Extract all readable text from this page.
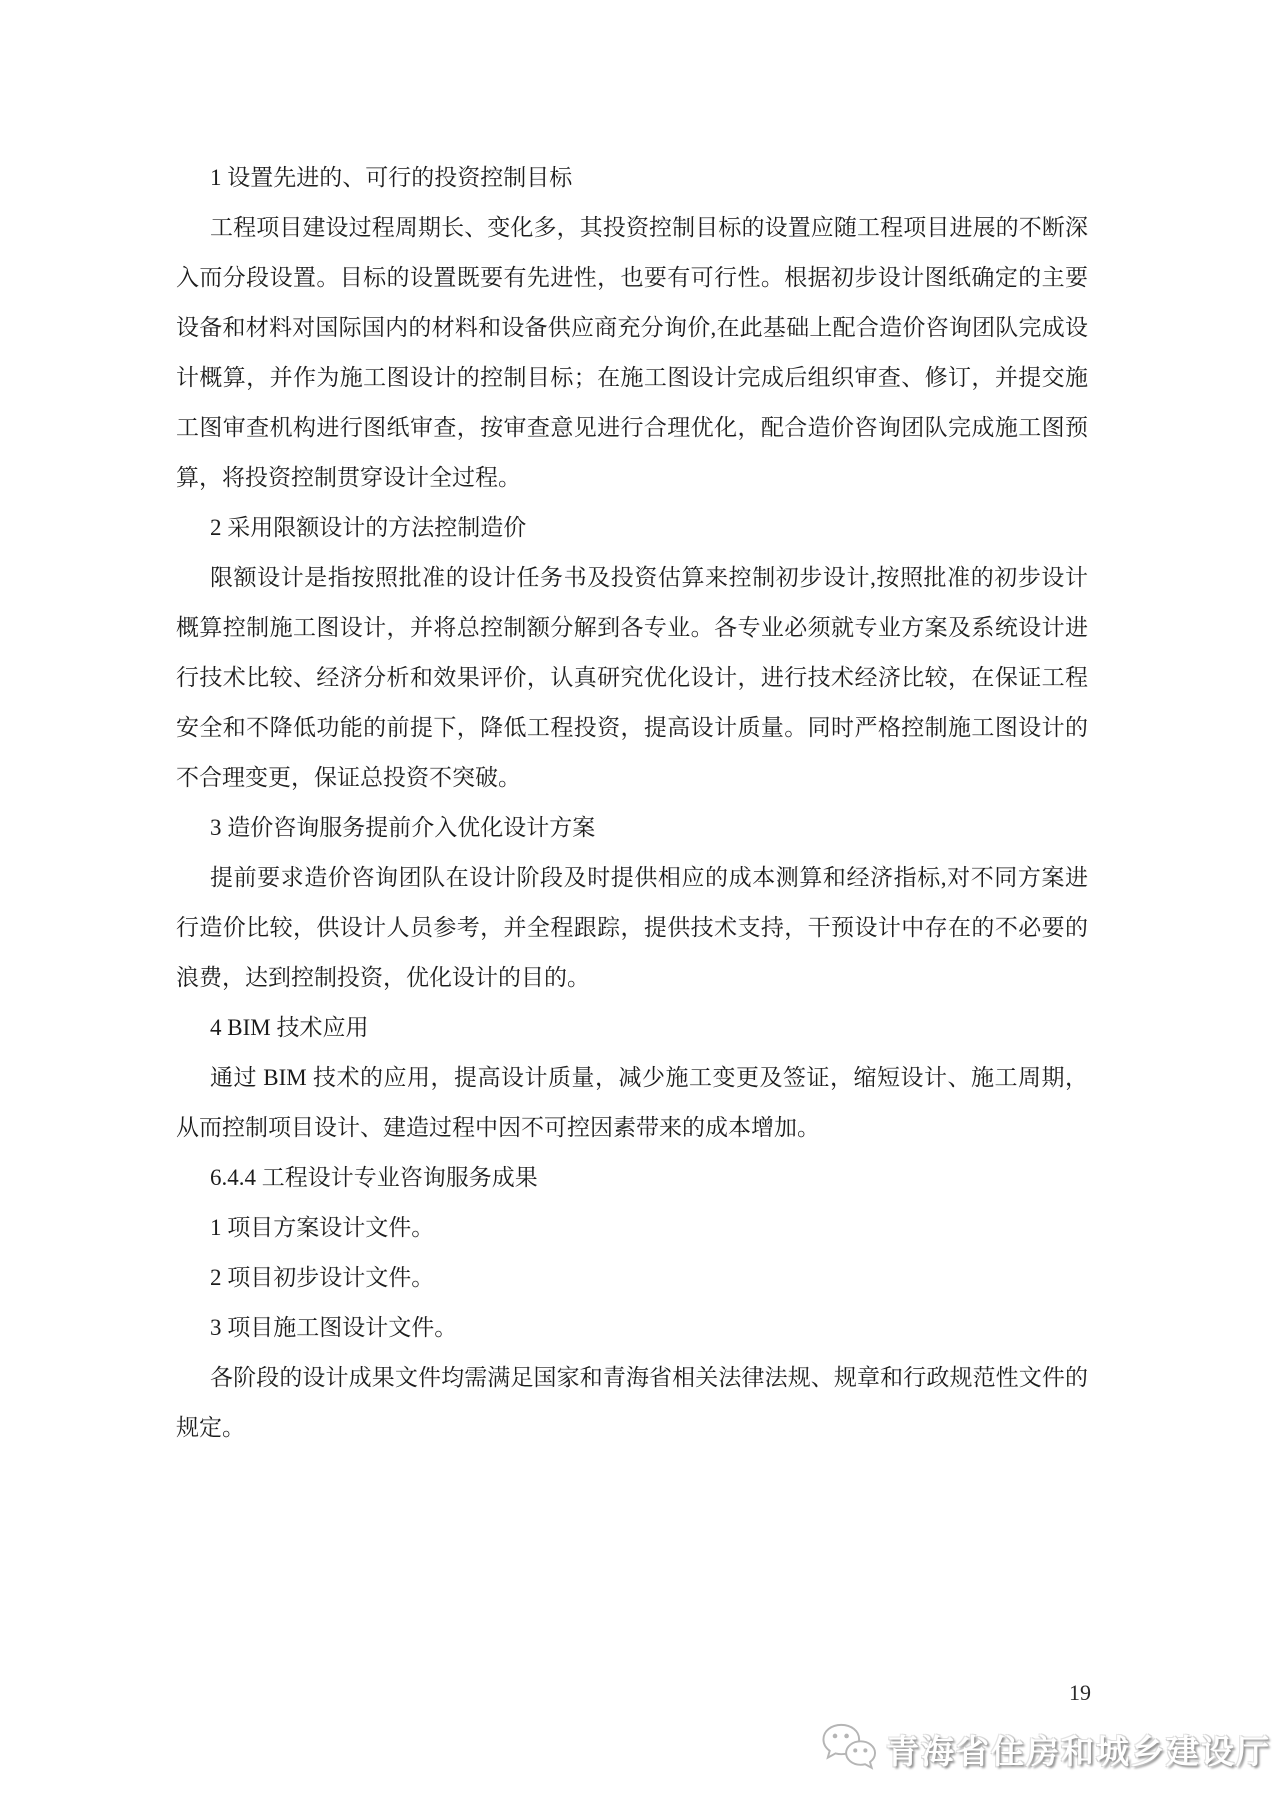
1 设置先进的、可行的投资控制目标
工程项目建设过程周期长、变化多，其投资控制目标的设置应随工程项目进展的不断深入而分段设置。目标的设置既要有先进性，也要有可行性。根据初步设计图纸确定的主要设备和材料对国际国内的材料和设备供应商充分询价,在此基础上配合造价咨询团队完成设计概算，并作为施工图设计的控制目标；在施工图设计完成后组织审查、修订，并提交施工图审查机构进行图纸审查，按审查意见进行合理优化，配合造价咨询团队完成施工图预算，将投资控制贯穿设计全过程。
2 采用限额设计的方法控制造价
限额设计是指按照批准的设计任务书及投资估算来控制初步设计,按照批准的初步设计概算控制施工图设计，并将总控制额分解到各专业。各专业必须就专业方案及系统设计进行技术比较、经济分析和效果评价，认真研究优化设计，进行技术经济比较，在保证工程安全和不降低功能的前提下，降低工程投资，提高设计质量。同时严格控制施工图设计的不合理变更，保证总投资不突破。
3 造价咨询服务提前介入优化设计方案
提前要求造价咨询团队在设计阶段及时提供相应的成本测算和经济指标,对不同方案进行造价比较，供设计人员参考，并全程跟踪，提供技术支持，干预设计中存在的不必要的浪费，达到控制投资，优化设计的目的。
4 BIM 技术应用
通过 BIM 技术的应用，提高设计质量，减少施工变更及签证，缩短设计、施工周期，从而控制项目设计、建造过程中因不可控因素带来的成本增加。
6.4.4 工程设计专业咨询服务成果
1 项目方案设计文件。
2 项目初步设计文件。
3 项目施工图设计文件。
各阶段的设计成果文件均需满足国家和青海省相关法律法规、规章和行政规范性文件的规定。
19
青海省住房和城乡建设厅
